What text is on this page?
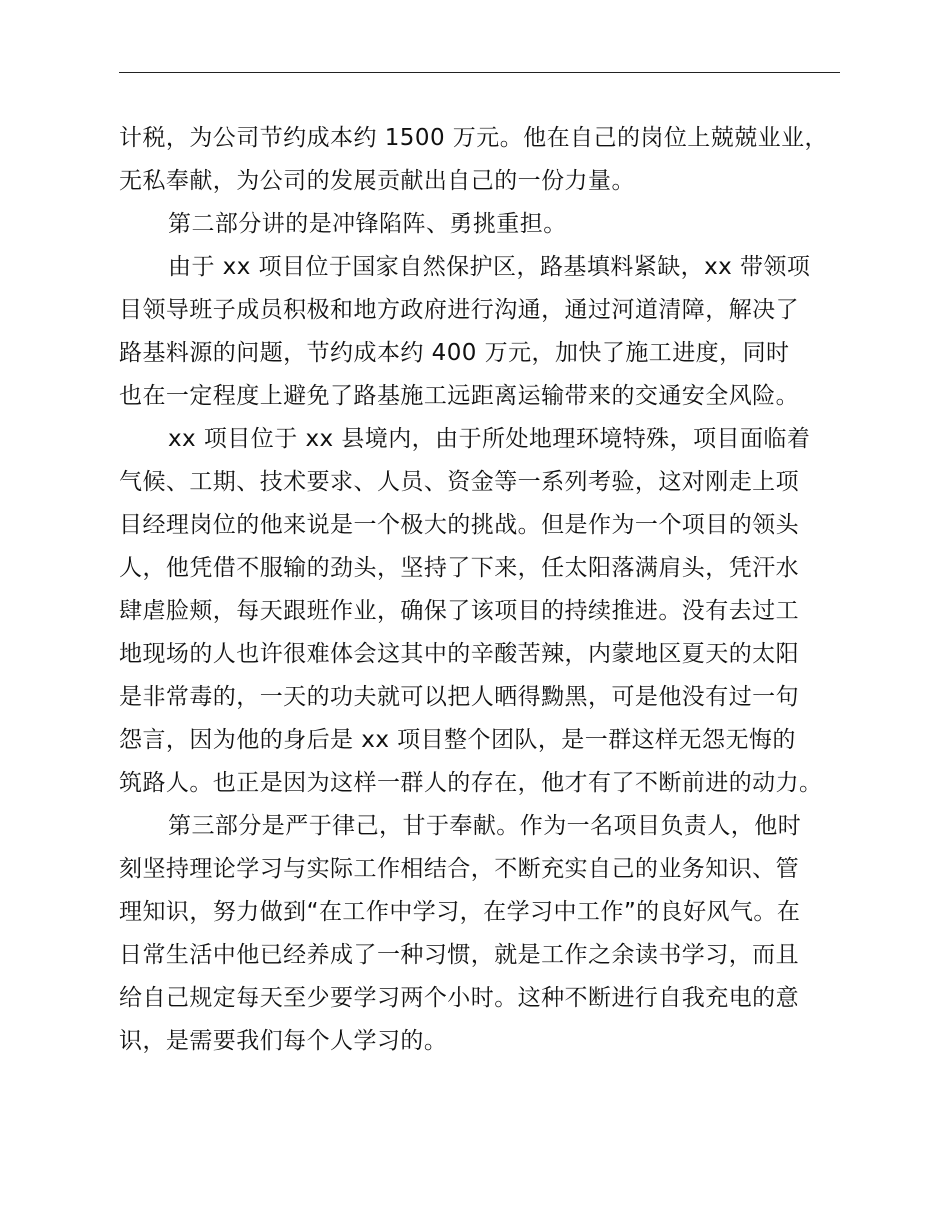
计税，为公司节约成本约 1500 万元。他在自己的岗位上兢兢业业，
无私奉献，为公司的发展贡献出自己的一份力量。
第二部分讲的是冲锋陷阵、勇挑重担。
由于 xx 项目位于国家自然保护区，路基填料紧缺，xx 带领项
目领导班子成员积极和地方政府进行沟通，通过河道清障，解决了
路基料源的问题，节约成本约 400 万元，加快了施工进度，同时
也在一定程度上避免了路基施工远距离运输带来的交通安全风险。
xx 项目位于 xx 县境内，由于所处地理环境特殊，项目面临着
气候、工期、技术要求、人员、资金等一系列考验，这对刚走上项
目经理岗位的他来说是一个极大的挑战。但是作为一个项目的领头
人，他凭借不服输的劲头，坚持了下来，任太阳落满肩头，凭汗水
肆虐脸颊，每天跟班作业，确保了该项目的持续推进。没有去过工
地现场的人也许很难体会这其中的辛酸苦辣，内蒙地区夏天的太阳
是非常毒的，一天的功夫就可以把人晒得黝黑，可是他没有过一句
怨言，因为他的身后是 xx 项目整个团队，是一群这样无怨无悔的
筑路人。也正是因为这样一群人的存在，他才有了不断前进的动力。
第三部分是严于律己，甘于奉献。作为一名项目负责人，他时
刻坚持理论学习与实际工作相结合，不断充实自己的业务知识、管
理知识，努力做到“在工作中学习，在学习中工作”的良好风气。在
日常生活中他已经养成了一种习惯，就是工作之余读书学习，而且
给自己规定每天至少要学习两个小时。这种不断进行自我充电的意
识，是需要我们每个人学习的。
